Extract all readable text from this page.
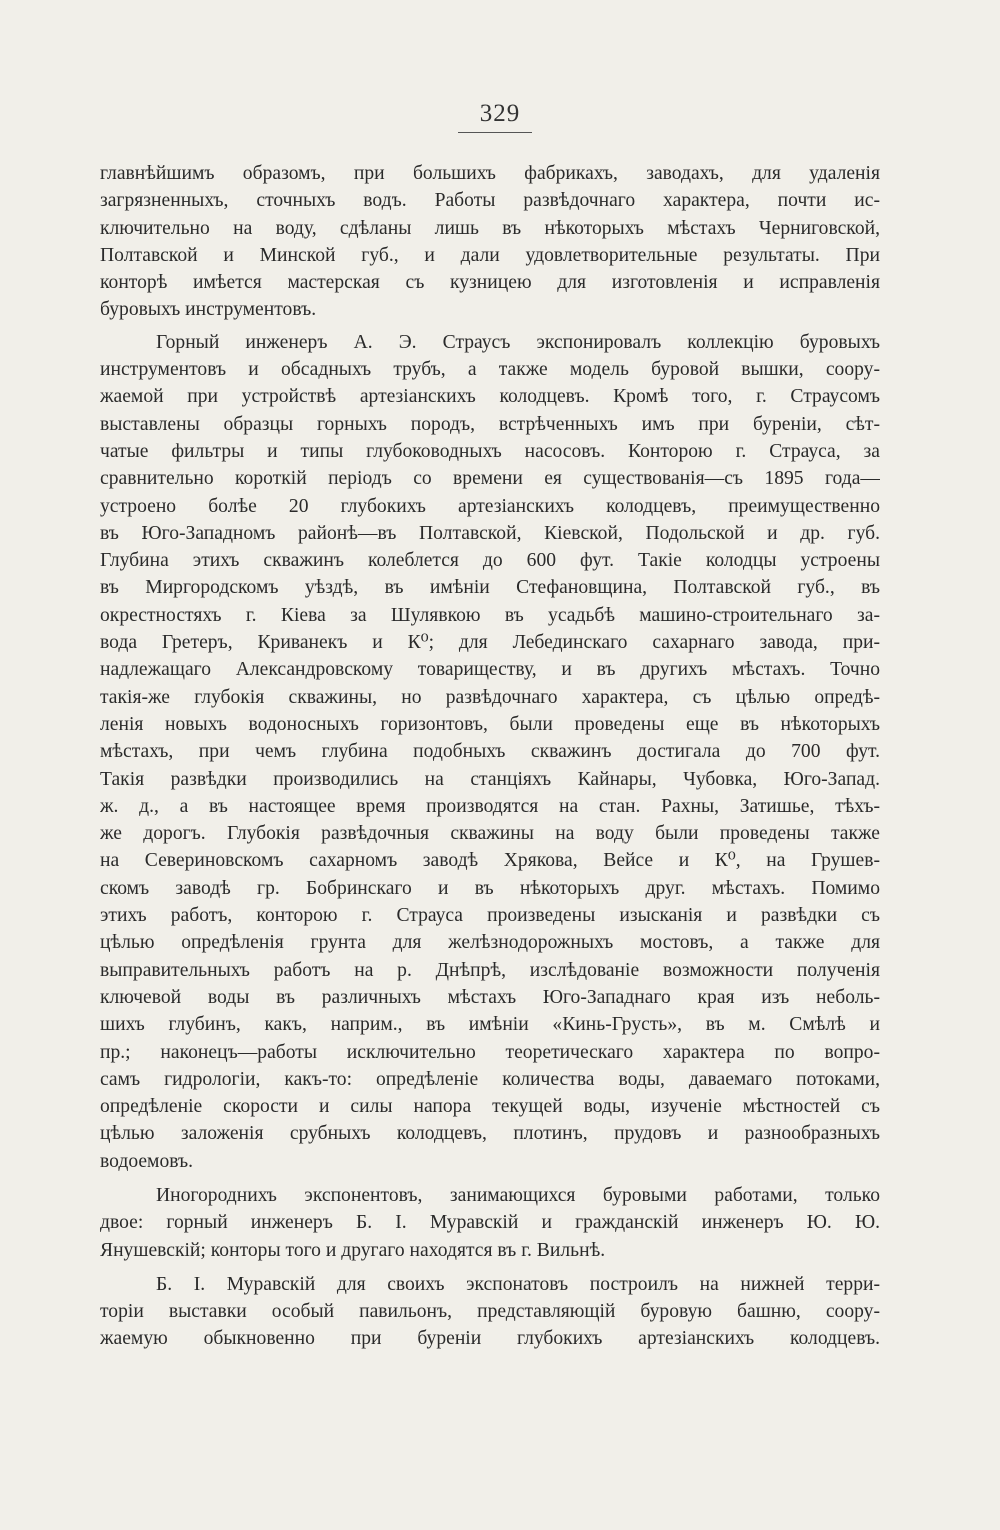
329

главнѣйшимъ образомъ, при большихъ фабрикахъ, заводахъ, для удаленія
загрязненныхъ, сточныхъ водъ. Работы развѣдочнаго характера, почти ис-
ключительно на воду, сдѣланы лишь въ нѣкоторыхъ мѣстахъ Черниговской,
Полтавской и Минской губ., и дали удовлетворительные результаты. При
конторѣ имѣется мастерская съ кузницею для изготовленія и исправленія
буровыхъ инструментовъ.

Горный инженеръ А. Э. Страусъ экспонировалъ коллекцію буровыхъ
инструментовъ и обсадныхъ трубъ, а также модель буровой вышки, соору-
жаемой при устройствѣ артезіанскихъ колодцевъ. Кромѣ того, г. Страусомъ
выставлены образцы горныхъ породъ, встрѣченныхъ имъ при буреніи, сѣт-
чатые фильтры и типы глубоководныхъ насосовъ. Конторою г. Страуса, за
сравнительно короткій періодъ со времени ея существованія—съ 1895 года—
устроено болѣе 20 глубокихъ артезіанскихъ колодцевъ, преимущественно
въ Юго-Западномъ районѣ—въ Полтавской, Кіевской, Подольской и др. губ.
Глубина этихъ скважинъ колеблется до 600 фут. Такіе колодцы устроены
въ Миргородскомъ уѣздѣ, въ имѣніи Стефановщина, Полтавской губ., въ
окрестностяхъ г. Кіева за Шулявкою въ усадьбѣ машино-строительнаго за-
вода Гретеръ, Криванекъ и К⁰; для Лебединскаго сахарнаго завода, при-
надлежащаго Александровскому товариществу, и въ другихъ мѣстахъ. Точно
такія-же глубокія скважины, но развѣдочнаго характера, съ цѣлью опредѣ-
ленія новыхъ водоносныхъ горизонтовъ, были проведены еще въ нѣкоторыхъ
мѣстахъ, при чемъ глубина подобныхъ скважинъ достигала до 700 фут.
Такія развѣдки производились на станціяхъ Кайнары, Чубовка, Юго-Запад.
ж. д., а въ настоящее время производятся на стан. Рахны, Затишье, тѣхъ-
же дорогъ. Глубокія развѣдочныя скважины на воду были проведены также
на Севериновскомъ сахарномъ заводѣ Хрякова, Вейсе и К⁰, на Грушев-
скомъ заводѣ гр. Бобринскаго и въ нѣкоторыхъ друг. мѣстахъ. Помимо
этихъ работъ, конторою г. Страуса произведены изысканія и развѣдки съ
цѣлью опредѣленія грунта для желѣзнодорожныхъ мостовъ, а также для
выправительныхъ работъ на р. Днѣпрѣ, изслѣдованіе возможности полученія
ключевой воды въ различныхъ мѣстахъ Юго-Западнаго края изъ неболь-
шихъ глубинъ, какъ, наприм., въ имѣніи «Кинь-Грусть», въ м. Смѣлѣ и
пр.; наконецъ—работы исключительно теоретическаго характера по вопро-
самъ гидрологіи, какъ-то: опредѣленіе количества воды, даваемаго потоками,
опредѣленіе скорости и силы напора текущей воды, изученіе мѣстностей съ
цѣлью заложенія срубныхъ колодцевъ, плотинъ, прудовъ и разнообразныхъ
водоемовъ.

Иногороднихъ экспонентовъ, занимающихся буровыми работами, только
двое: горный инженеръ Б. І. Муравскій и гражданскій инженеръ Ю. Ю.
Янушевскій; конторы того и другаго находятся въ г. Вильнѣ.

Б. І. Муравскій для своихъ экспонатовъ построилъ на нижней терри-
торіи выставки особый павильонъ, представляющій буровую башню, соору-
жаемую обыкновенно при буреніи глубокихъ артезіанскихъ колодцевъ.
